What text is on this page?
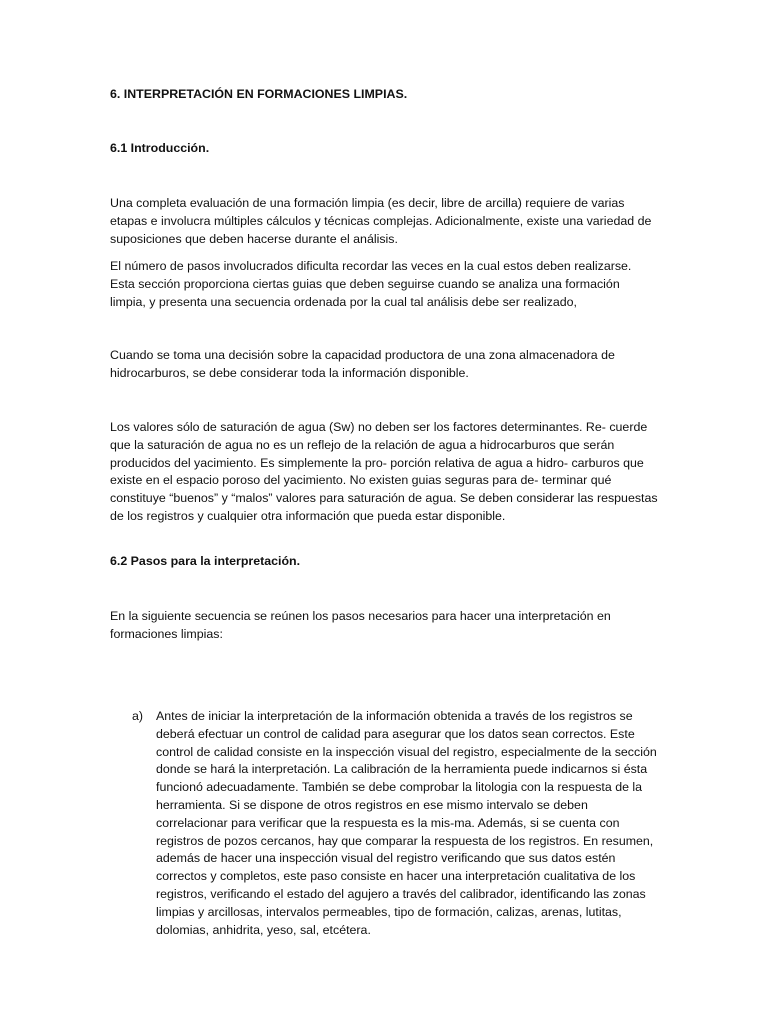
6. INTERPRETACIÓN EN FORMACIONES LIMPIAS.

6.1 Introducción.

Una completa evaluación de una formación limpia (es decir, libre de arcilla) requiere de varias etapas e involucra múltiples cálculos y técnicas complejas. Adicionalmente, existe una variedad de suposiciones que deben hacerse durante el análisis.

El número de pasos involucrados dificulta recordar las veces en la cual estos deben realizarse. Esta sección proporciona ciertas guias que deben seguirse cuando se analiza una formación limpia, y presenta una secuencia ordenada por la cual tal análisis debe ser realizado,

Cuando se toma una decisión sobre la capacidad productora de una zona almacenadora de hidrocarburos, se debe considerar toda la información disponible.

Los valores sólo de saturación de agua (Sw) no deben ser los factores determinantes. Re- cuerde que la saturación de agua no es un reflejo de la relación de agua a hidrocarburos que serán producidos del yacimiento. Es simplemente la pro- porción relativa de agua a hidro- carburos que existe en el espacio poroso del yacimiento. No existen guias seguras para de- terminar qué constituye “buenos” y “malos” valores para saturación de agua. Se deben considerar las respuestas de los registros y cualquier otra información que pueda estar disponible.

6.2 Pasos para la interpretación.

En la siguiente secuencia se reúnen los pasos necesarios para hacer una interpretación en formaciones limpias:

a) Antes de iniciar la interpretación de la información obtenida a través de los registros se deberá efectuar un control de calidad para asegurar que los datos sean correctos. Este control de calidad consiste en la inspección visual del registro, especialmente de la sección donde se hará la interpretación. La calibración de la herramienta puede indicarnos si ésta funcionó adecuadamente. También se debe comprobar la litologia con la respuesta de la herramienta. Si se dispone de otros registros en ese mismo intervalo se deben correlacionar para verificar que la respuesta es la mis-ma. Además, si se cuenta con registros de pozos cercanos, hay que comparar la respuesta de los registros. En resumen, además de hacer una inspección visual del registro verificando que sus datos estén correctos y completos, este paso consiste en hacer una interpretación cualitativa de los registros, verificando el estado del agujero a través del calibrador, identificando las zonas limpias y arcillosas, intervalos permeables, tipo de formación, calizas, arenas, lutitas, dolomias, anhidrita, yeso, sal, etcétera.
